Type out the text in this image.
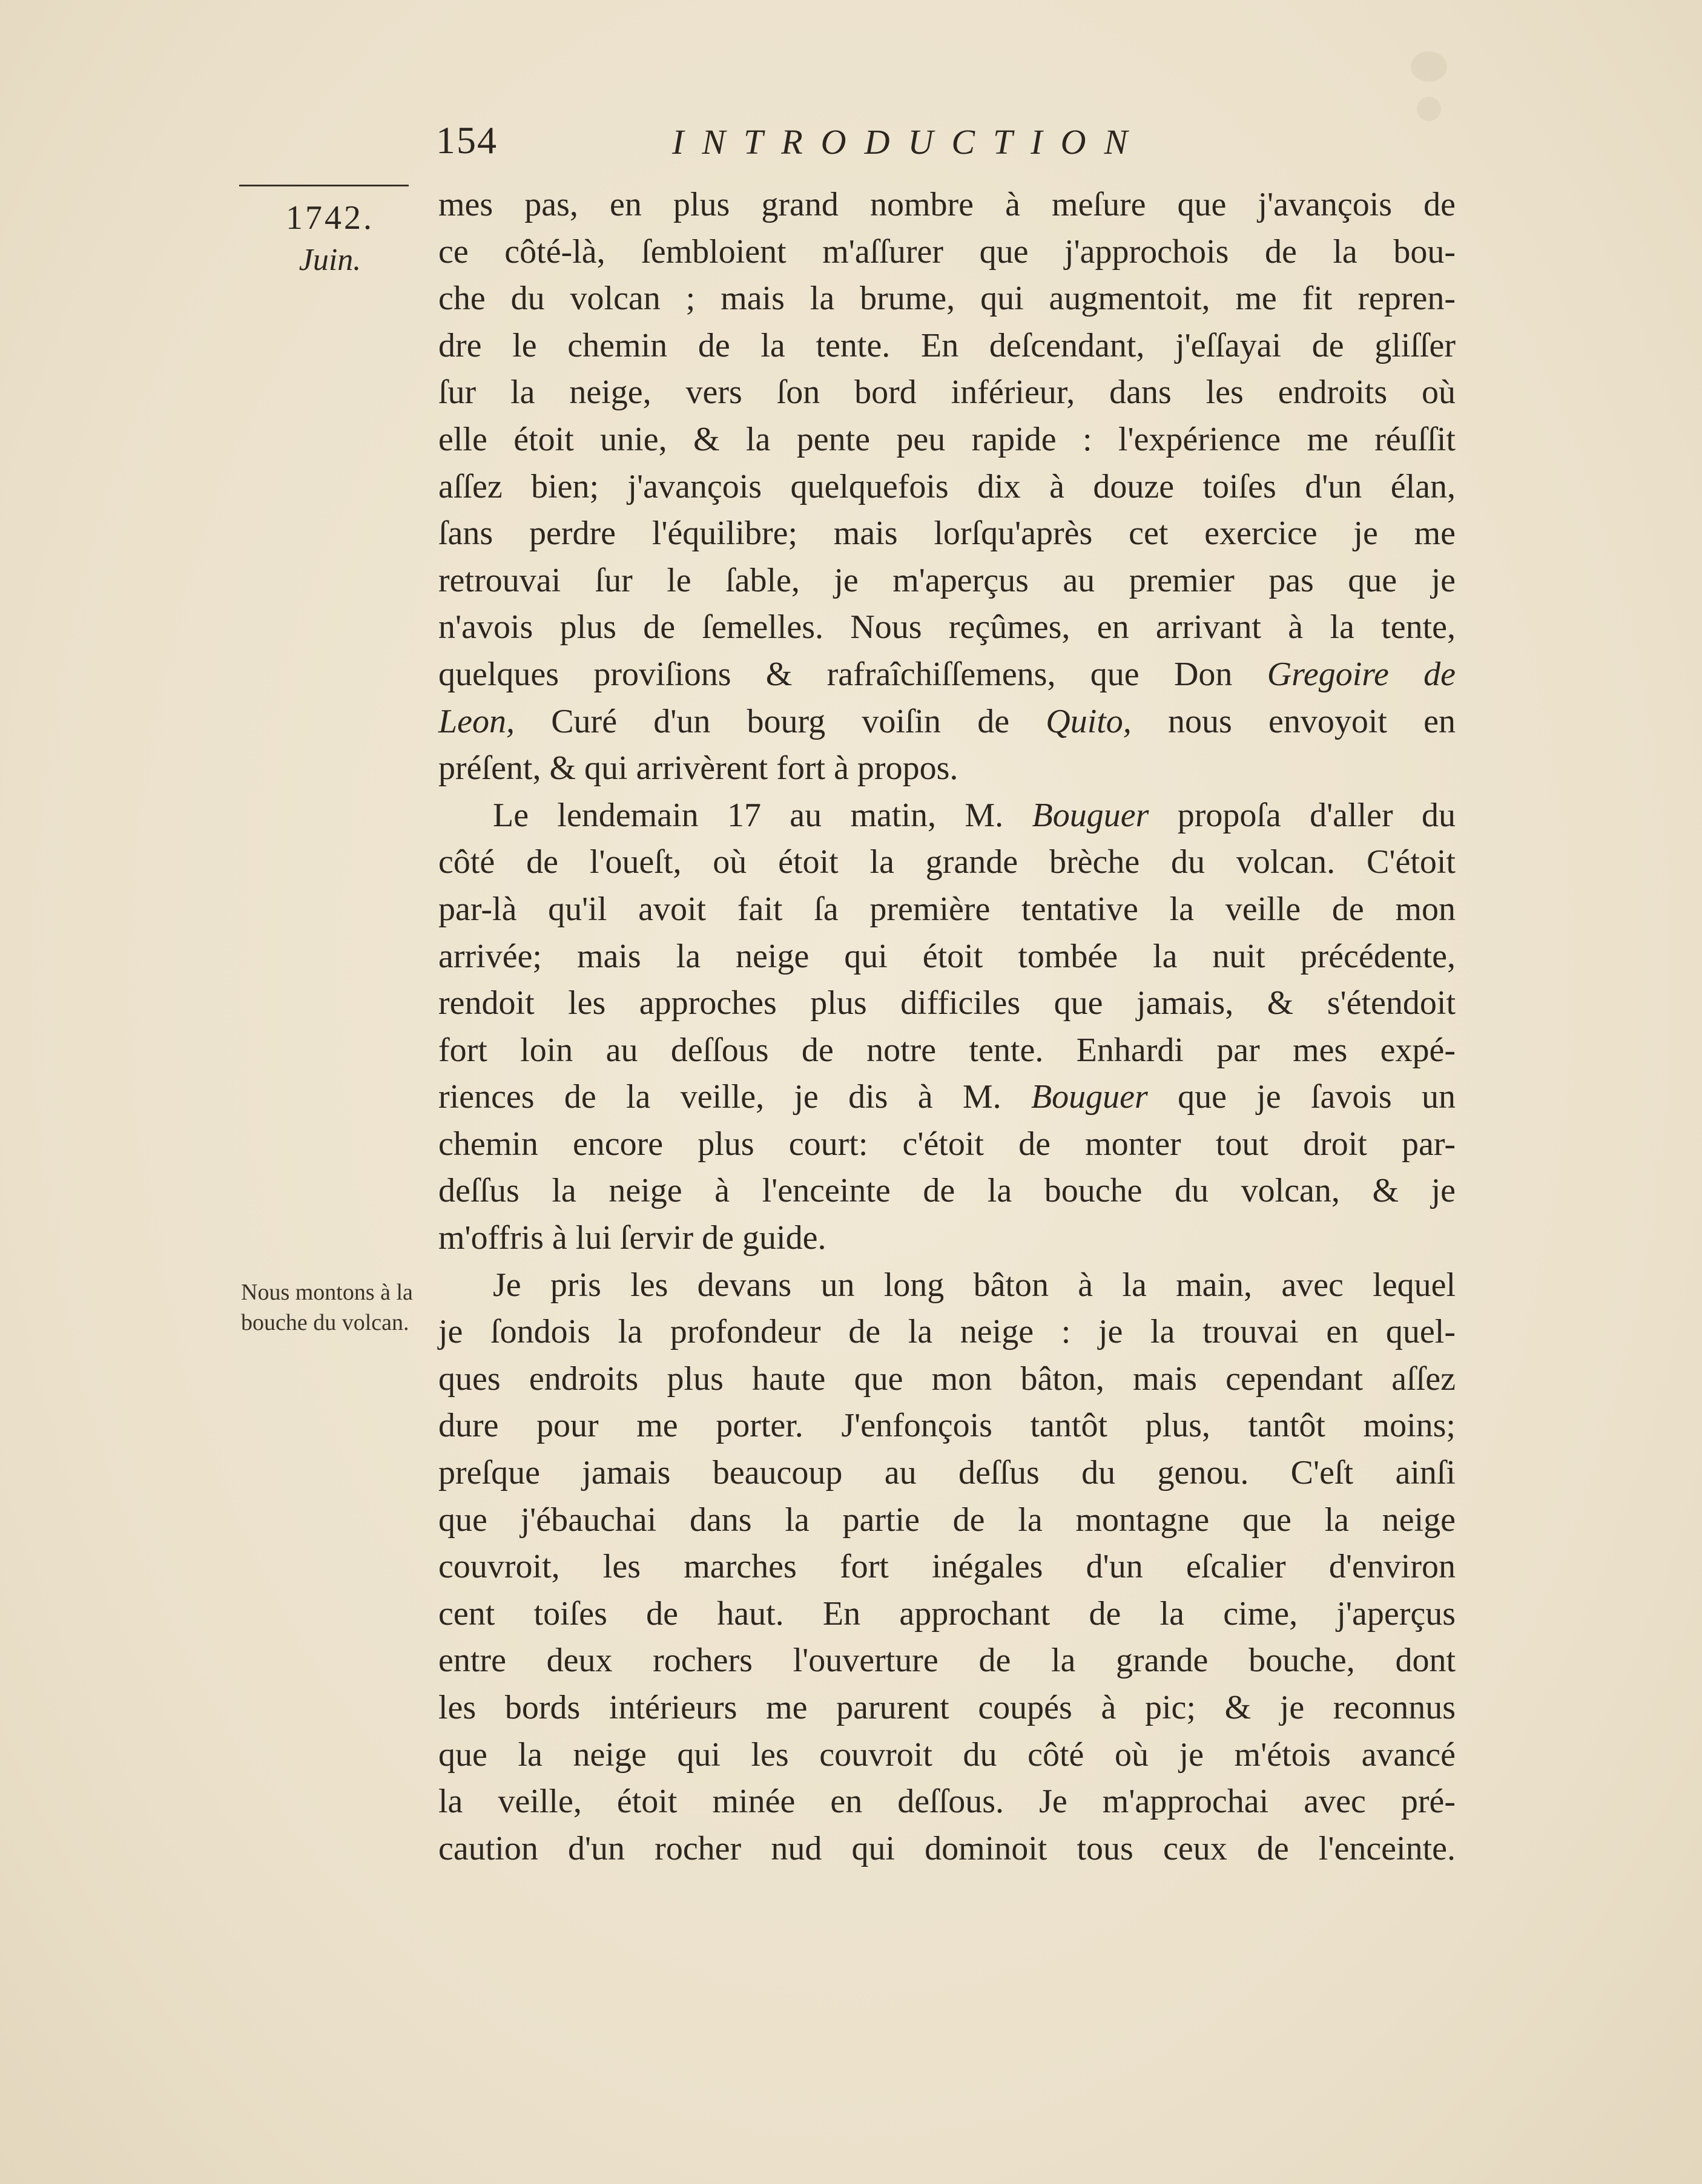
154	INTRODUCTION
1742.
Juin.
Nous montons à la bouche du volcan.
mes pas, en plus grand nombre à meſure que j'avançois de
ce côté-là, ſembloient m'aſſurer que j'approchois de la bou-
che du volcan ; mais la brume, qui augmentoit, me fit repren-
dre le chemin de la tente. En deſcendant, j'eſſayai de gliſſer
ſur la neige, vers ſon bord inférieur, dans les endroits où
elle étoit unie, & la pente peu rapide : l'expérience me réuſſit
aſſez bien; j'avançois quelquefois dix à douze toiſes d'un élan,
ſans perdre l'équilibre; mais lorſqu'après cet exercice je me
retrouvai ſur le ſable, je m'aperçus au premier pas que je
n'avois plus de ſemelles. Nous reçûmes, en arrivant à la tente,
quelques proviſions & rafraîchiſſemens, que Don Gregoire de
Leon, Curé d'un bourg voiſin de Quito, nous envoyoit en
préſent, & qui arrivèrent fort à propos.
Le lendemain 17 au matin, M. Bouguer propoſa d'aller du
côté de l'oueſt, où étoit la grande brèche du volcan. C'étoit
par-là qu'il avoit fait ſa première tentative la veille de mon
arrivée; mais la neige qui étoit tombée la nuit précédente,
rendoit les approches plus difficiles que jamais, & s'étendoit
fort loin au deſſous de notre tente. Enhardi par mes expé-
riences de la veille, je dis à M. Bouguer que je ſavois un
chemin encore plus court: c'étoit de monter tout droit par-
deſſus la neige à l'enceinte de la bouche du volcan, & je
m'offris à lui ſervir de guide.
Je pris les devans un long bâton à la main, avec lequel
je ſondois la profondeur de la neige : je la trouvai en quel-
ques endroits plus haute que mon bâton, mais cependant aſſez
dure pour me porter. J'enfonçois tantôt plus, tantôt moins;
preſque jamais beaucoup au deſſus du genou. C'eſt ainſi
que j'ébauchai dans la partie de la montagne que la neige
couvroit, les marches fort inégales d'un eſcalier d'environ
cent toiſes de haut. En approchant de la cime, j'aperçus
entre deux rochers l'ouverture de la grande bouche, dont
les bords intérieurs me parurent coupés à pic; & je reconnus
que la neige qui les couvroit du côté où je m'étois avancé
la veille, étoit minée en deſſous. Je m'approchai avec pré-
caution d'un rocher nud qui dominoit tous ceux de l'enceinte.
